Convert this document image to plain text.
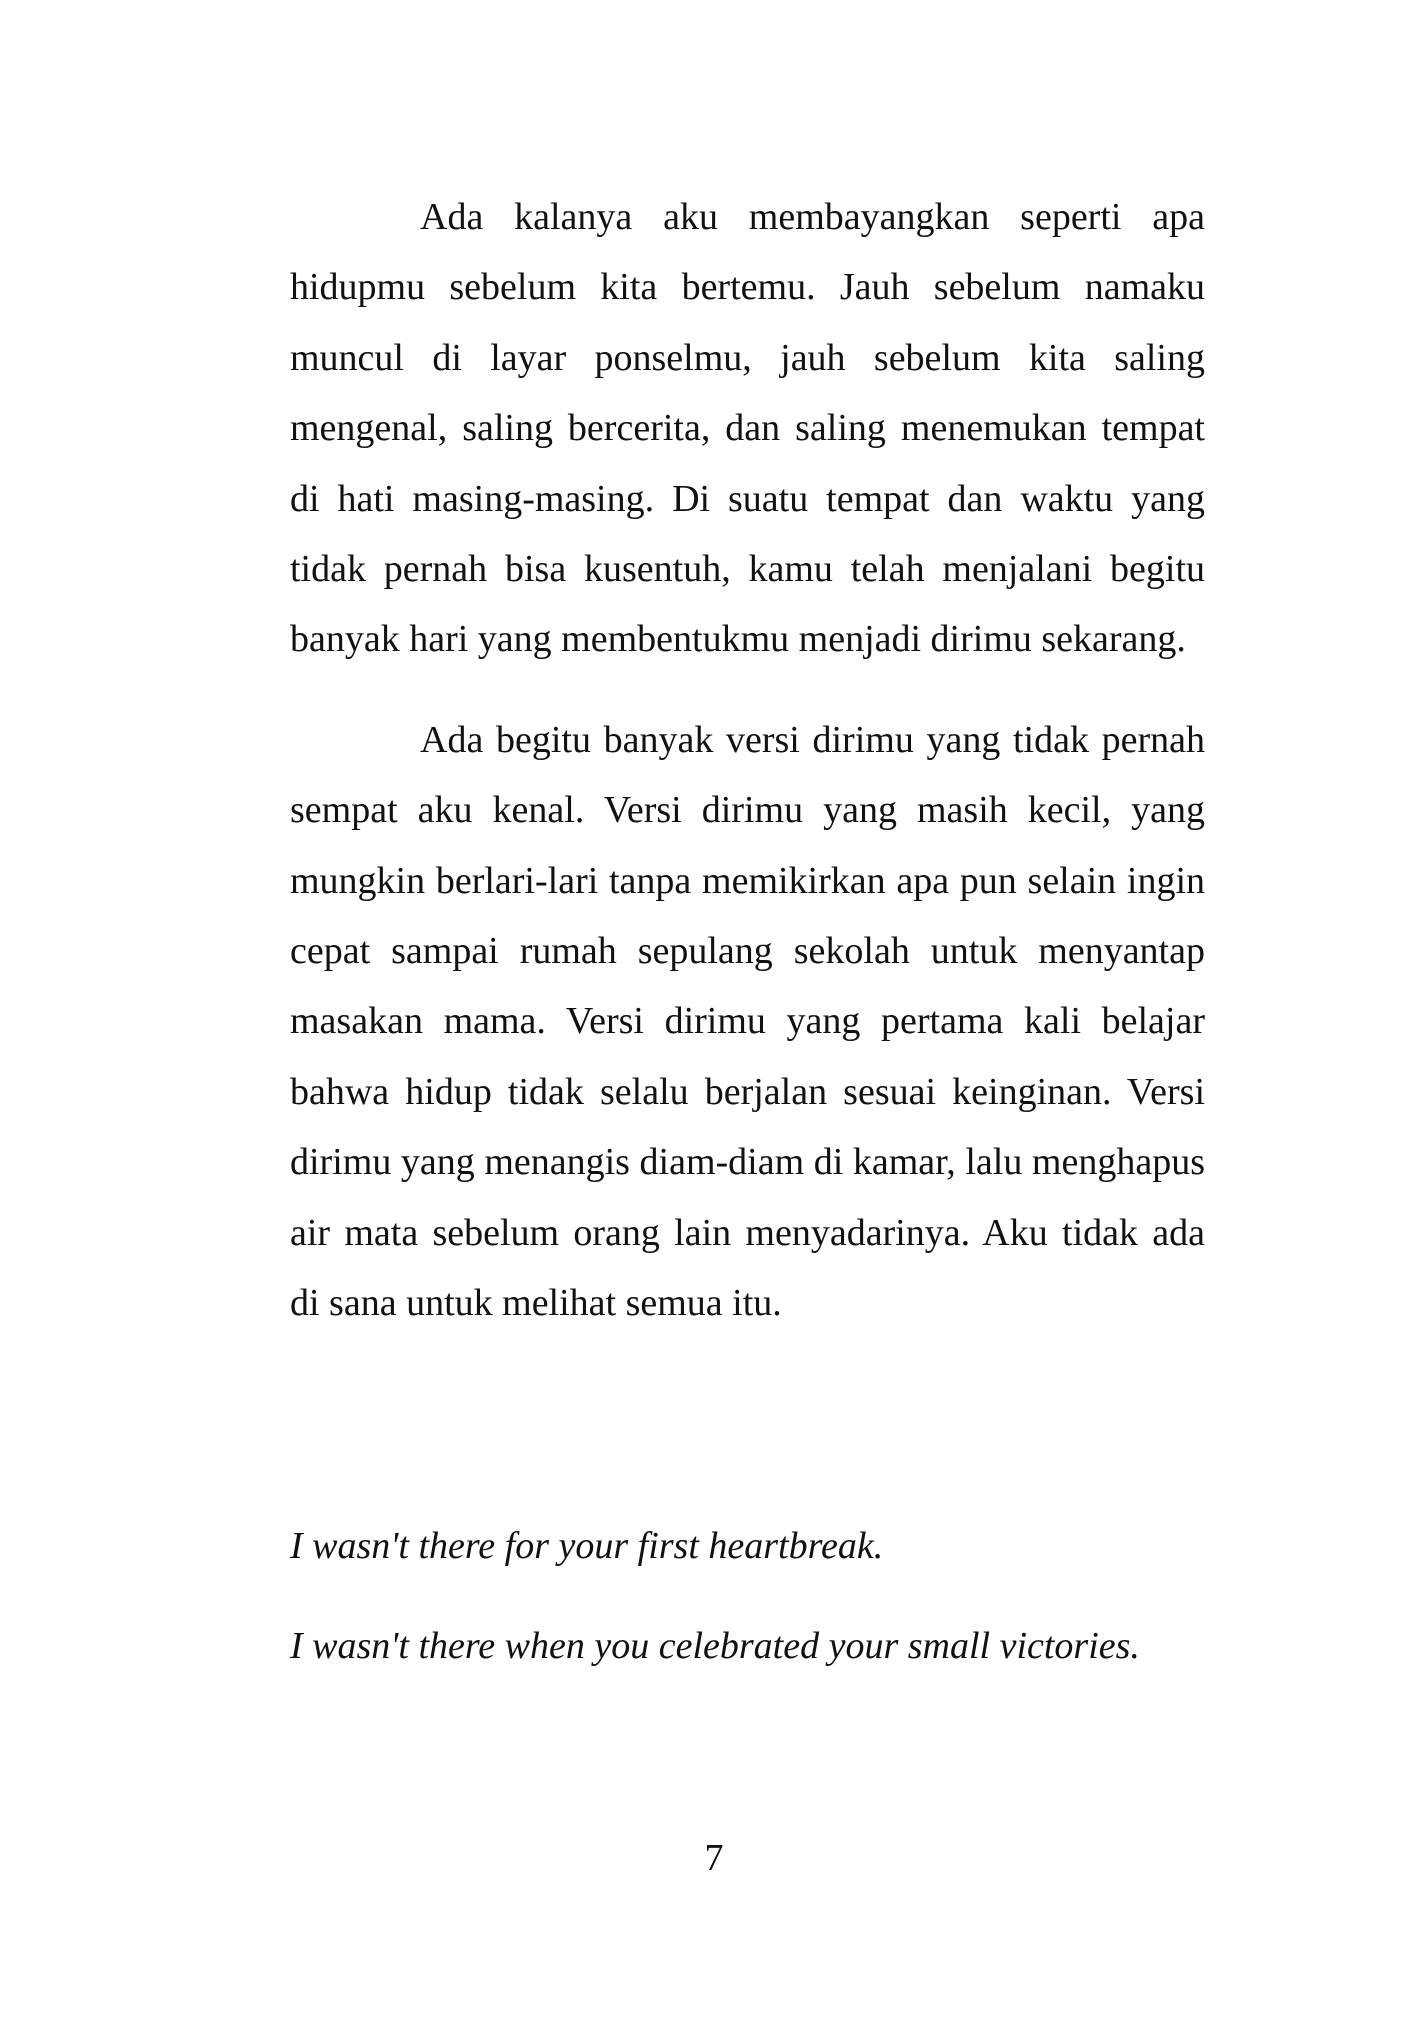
Ada kalanya aku membayangkan seperti apa hidupmu sebelum kita bertemu. Jauh sebelum namaku muncul di layar ponselmu, jauh sebelum kita saling mengenal, saling bercerita, dan saling menemukan tempat di hati masing-masing. Di suatu tempat dan waktu yang tidak pernah bisa kusentuh, kamu telah menjalani begitu banyak hari yang membentukmu menjadi dirimu sekarang.

Ada begitu banyak versi dirimu yang tidak pernah sempat aku kenal. Versi dirimu yang masih kecil, yang mungkin berlari-lari tanpa memikirkan apa pun selain ingin cepat sampai rumah sepulang sekolah untuk menyantap masakan mama. Versi dirimu yang pertama kali belajar bahwa hidup tidak selalu berjalan sesuai keinginan. Versi dirimu yang menangis diam-diam di kamar, lalu menghapus air mata sebelum orang lain menyadarinya. Aku tidak ada di sana untuk melihat semua itu.

I wasn't there for your first heartbreak.

I wasn't there when you celebrated your small victories.

7
